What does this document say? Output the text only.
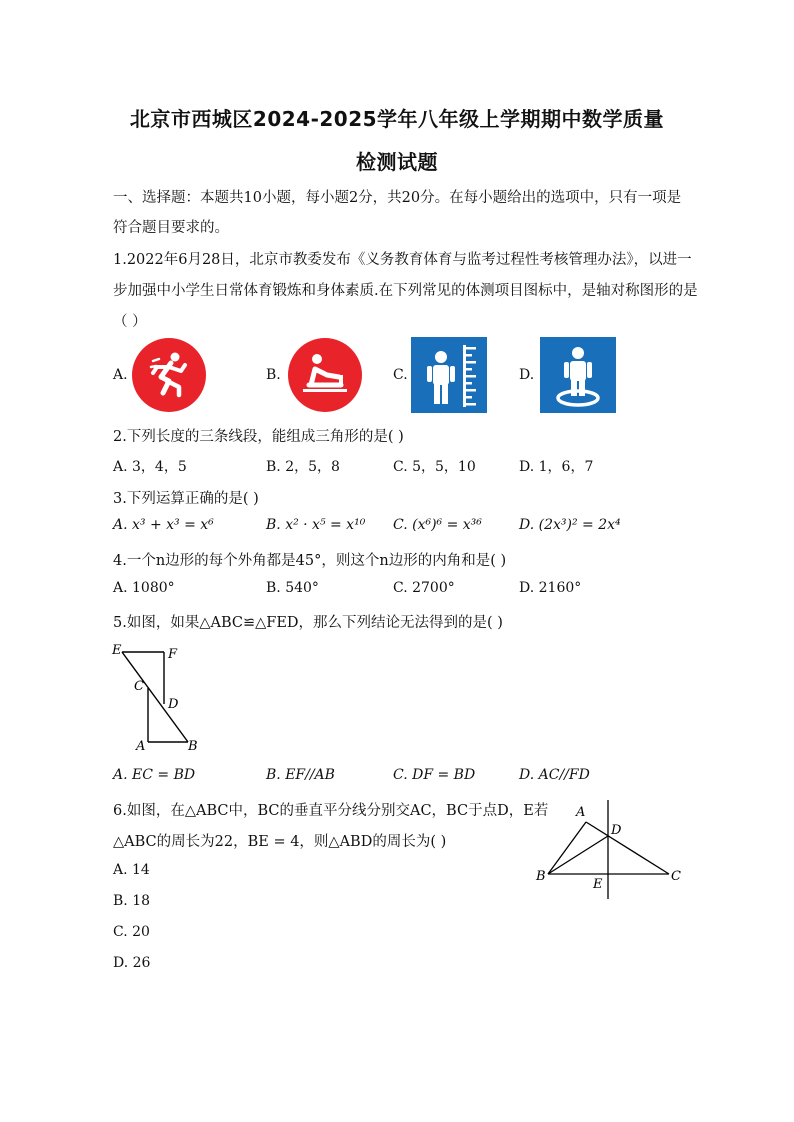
北京市西城区2024-2025学年八年级上学期期中数学质量
检测试题
一、选择题：本题共10小题，每小题2分，共20分。在每小题给出的选项中，只有一项是
符合题目要求的。
1.2022年6月28日，北京市教委发布《义务教育体育与监考过程性考核管理办法》，以进一
步加强中小学生日常体育锻炼和身体素质.在下列常见的体测项目图标中，是轴对称图形的是
（ ）
A.	B.	C.	D.
2.下列长度的三条线段，能组成三角形的是( )
A. 3，4，5	B. 2，5，8	C. 5，5，10	D. 1，6，7
3.下列运算正确的是( )
A. x³ + x³ = x⁶	B. x² · x⁵ = x¹⁰ C. (x⁶)⁶ = x³⁶	D. (2x³)² = 2x⁴
4.一个n边形的每个外角都是45°，则这个n边形的内角和是( )
A. 1080°	B. 540°	C. 2700°	D. 2160°
5.如图，如果△ABC≌△FED，那么下列结论无法得到的是( )
E	F
C
D
A	B
A. EC = BD	B. EF//AB	C. DF = BD	D. AC//FD
6.如图，在△ABC中，BC的垂直平分线分别交AC，BC于点D，E若
△ABC的周长为22，BE = 4，则△ABD的周长为( )
A
D
B
E
C
A. 14
B. 18
C. 20
D. 26
